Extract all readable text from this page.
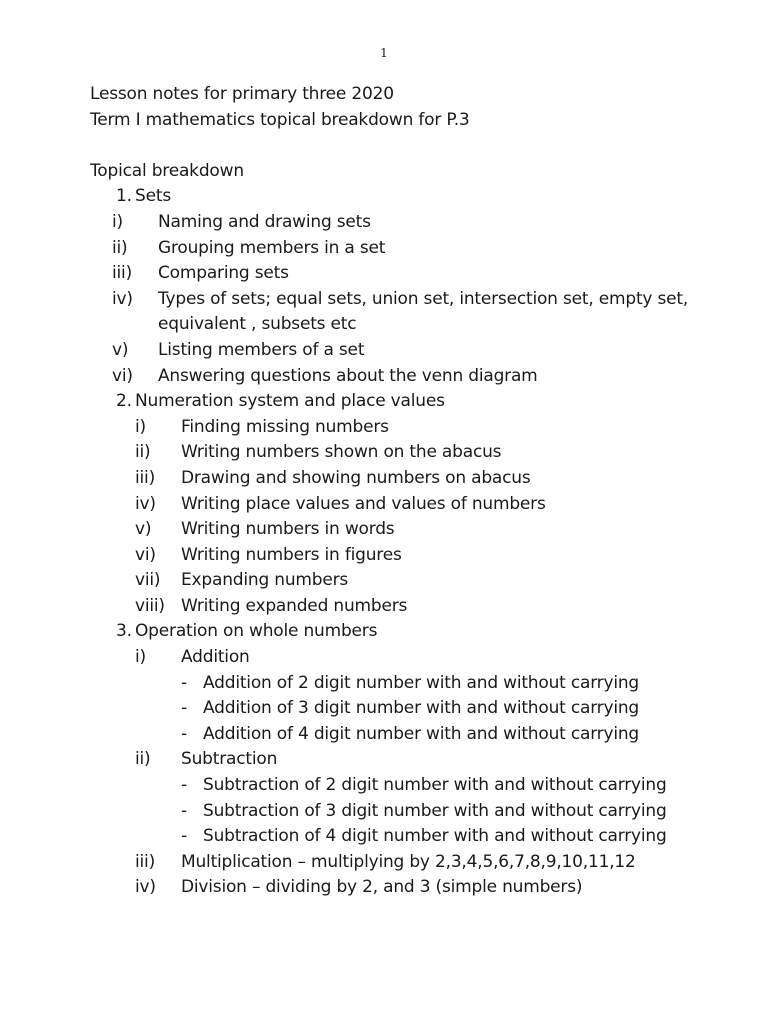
1
Lesson notes for primary three 2020
Term I mathematics topical breakdown for P.3
Topical breakdown
1. Sets
i) Naming and drawing sets
ii) Grouping members in a set
iii) Comparing sets
iv) Types of sets; equal sets, union set, intersection set, empty set,
equivalent , subsets etc
v) Listing members of a set
vi) Answering questions about the venn diagram
2. Numeration system and place values
i) Finding missing numbers
ii) Writing numbers shown on the abacus
iii) Drawing and showing numbers on abacus
iv) Writing place values and values of numbers
v) Writing numbers in words
vi) Writing numbers in figures
vii) Expanding numbers
viii) Writing expanded numbers
3. Operation on whole numbers
i) Addition
- Addition of 2 digit number with and without carrying
- Addition of 3 digit number with and without carrying
- Addition of 4 digit number with and without carrying
ii) Subtraction
- Subtraction of 2 digit number with and without carrying
- Subtraction of 3 digit number with and without carrying
- Subtraction of 4 digit number with and without carrying
iii) Multiplication – multiplying by 2,3,4,5,6,7,8,9,10,11,12
iv) Division – dividing by 2, and 3 (simple numbers)
